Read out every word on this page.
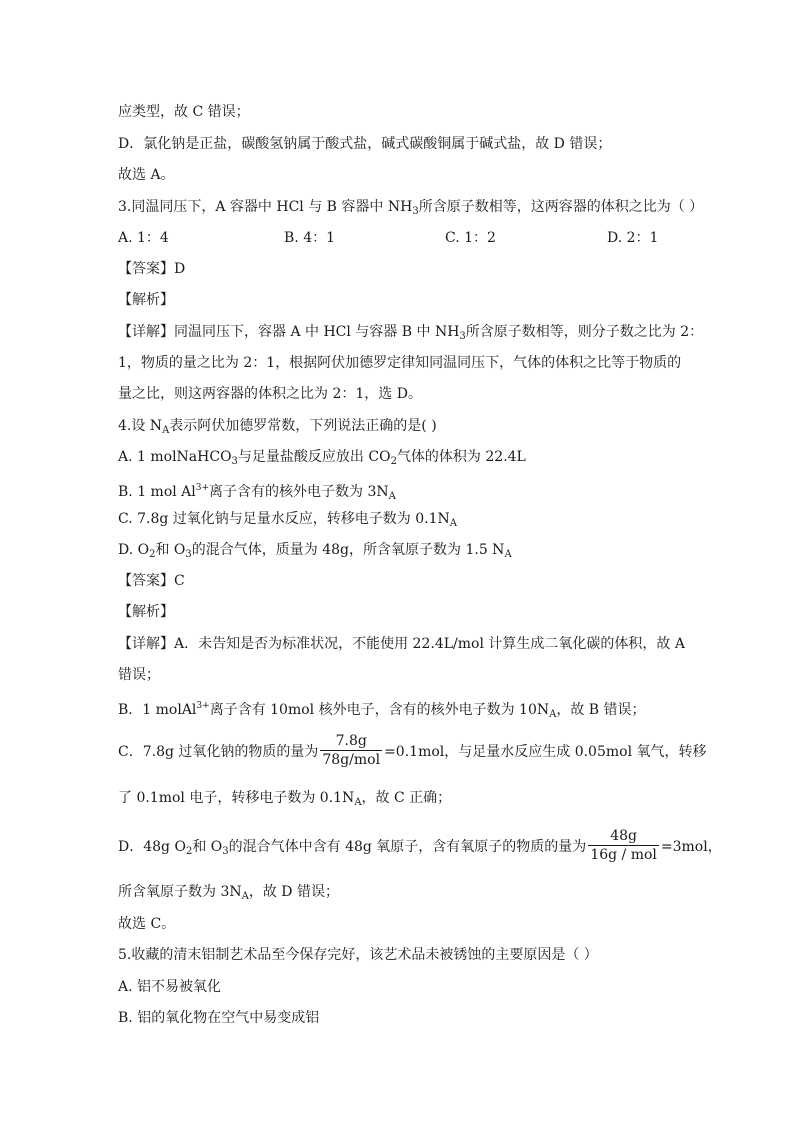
应类型，故 C 错误；
D．氯化钠是正盐，碳酸氢钠属于酸式盐，碱式碳酸铜属于碱式盐，故 D 错误；
故选 A。
3.同温同压下，A 容器中 HCl 与 B 容器中 $NH_3$所含原子数相等，这两容器的体积之比为（ ）
A. 1：4	B. 4：1	C. 1：2	D. 2：1
【答案】D
【解析】
【详解】同温同压下，容器 A 中 HCl 与容器 B 中 $NH_3$所含原子数相等，则分子数之比为 2：
1，物质的量之比为 2：1，根据阿伏加德罗定律知同温同压下，气体的体积之比等于物质的
量之比，则这两容器的体积之比为 2：1，选 D。
4.设 $N_A$表示阿伏加德罗常数，下列说法正确的是( )
A. 1 molNaHCO$_3$与足量盐酸反应放出 $CO_2$气体的体积为 22.4L
B. 1 mol $Al^{3+}$离子含有的核外电子数为 $3N_A$
C. 7.8g 过氧化钠与足量水反应，转移电子数为 $0.1N_A$
D. $O_2$和 $O_3$的混合气体，质量为 48g，所含氧原子数为 1.5 $N_A$
【答案】C
【解析】
【详解】A．未告知是否为标准状况，不能使用 22.4L/mol 计算生成二氧化碳的体积，故 A
错误；
B．1 molAl$^{3+}$离子含有 10mol 核外电子，含有的核外电子数为 $10N_A$，故 B 错误；
C．7.8g 过氧化钠的物质的量为 $\frac{7.8g}{\text{78g/mol}} =0.1mol$，与足量水反应生成 0.05mol 氧气，转移
了 0.1mol 电子，转移电子数为 $0.1N_A$，故 C 正确；
D．48g $O_2$和 $O_3$的混合气体中含有 48g 氧原子，含有氧原子的物质的量为 $\frac{48g}{\text{16g / mol}} =3mol$，
所含氧原子数为 $3N_A$，故 D 错误；
故选 C。
5.收藏的清末铝制艺术品至今保存完好，该艺术品未被锈蚀的主要原因是（ ）
A. 铝不易被氧化
B. 铝的氧化物在空气中易变成铝
